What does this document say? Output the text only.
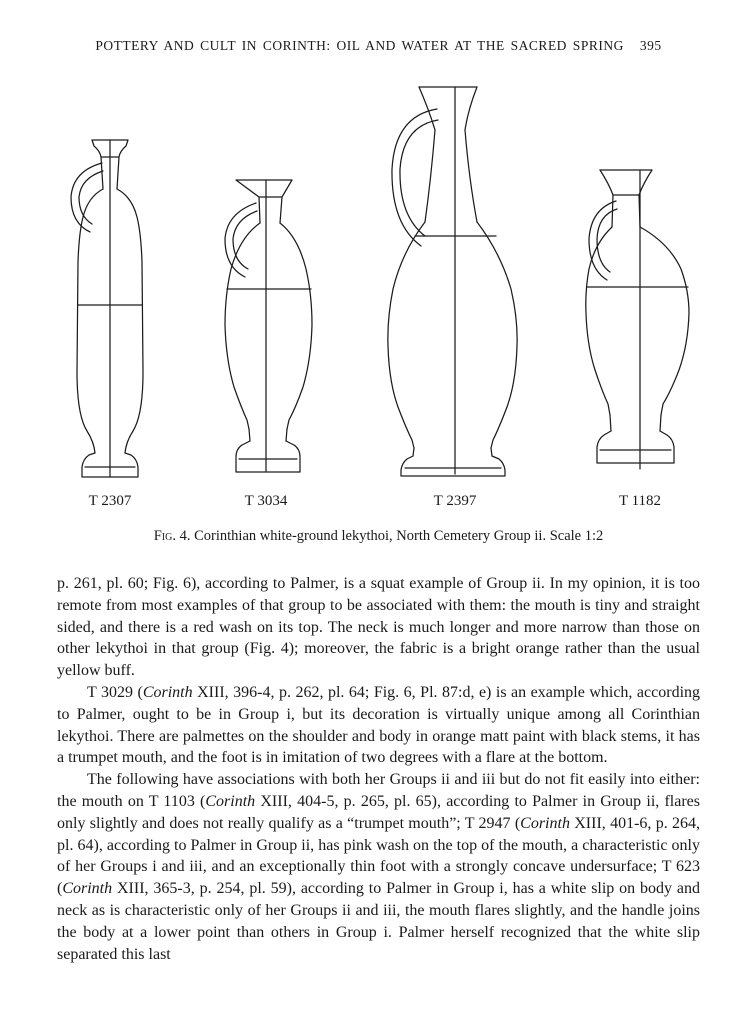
POTTERY AND CULT IN CORINTH: OIL AND WATER AT THE SACRED SPRING 395
T 2307	T 3034	T 2397	T 1182
Fig. 4. Corinthian white-ground lekythoi, North Cemetery Group ii. Scale 1:2

p. 261, pl. 60; Fig. 6), according to Palmer, is a squat example of Group ii. In my opinion, it is too remote from most examples of that group to be associated with them: the mouth is tiny and straight sided, and there is a red wash on its top. The neck is much longer and more narrow than those on other lekythoi in that group (Fig. 4); moreover, the fabric is a bright orange rather than the usual yellow buff.

T 3029 (Corinth XIII, 396-4, p. 262, pl. 64; Fig. 6, Pl. 87:d, e) is an example which, according to Palmer, ought to be in Group i, but its decoration is virtually unique among all Corinthian lekythoi. There are palmettes on the shoulder and body in orange matt paint with black stems, it has a trumpet mouth, and the foot is in imitation of two degrees with a flare at the bottom.

The following have associations with both her Groups ii and iii but do not fit easily into either: the mouth on T 1103 (Corinth XIII, 404-5, p. 265, pl. 65), according to Palmer in Group ii, flares only slightly and does not really qualify as a “trumpet mouth”; T 2947 (Corinth XIII, 401-6, p. 264, pl. 64), according to Palmer in Group ii, has pink wash on the top of the mouth, a characteristic only of her Groups i and iii, and an exceptionally thin foot with a strongly concave undersurface; T 623 (Corinth XIII, 365-3, p. 254, pl. 59), according to Palmer in Group i, has a white slip on body and neck as is characteristic only of her Groups ii and iii, the mouth flares slightly, and the handle joins the body at a lower point than others in Group i. Palmer herself recognized that the white slip separated this last
